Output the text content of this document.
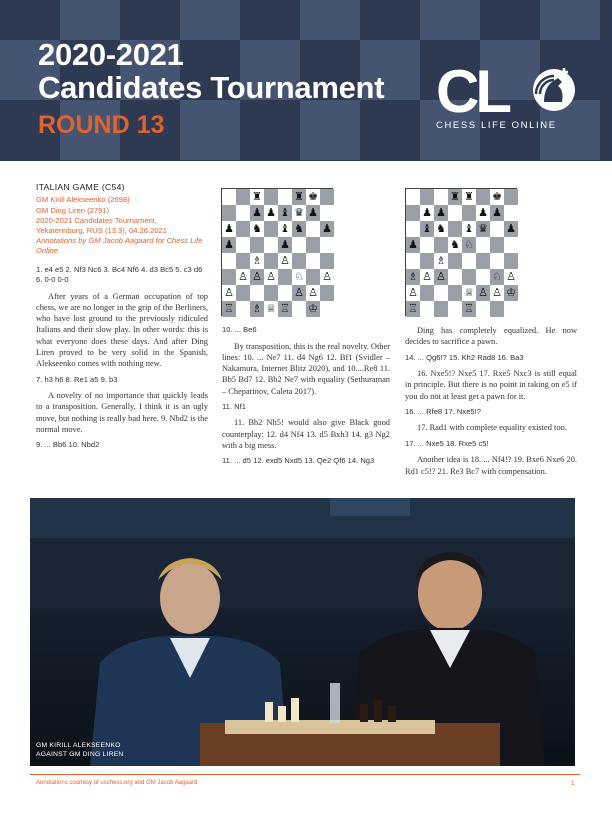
2020-2021
Candidates Tournament
ROUND 13	CL
CHESS LIFE ONLINE

ITALIAN GAME (C54)

GM Kirill Alekseenko (2698)
GM Ding Liren (2791)
2020-2021 Candidates Tournament,
Yekaterinburg, RUS (13.3), 04.26.2021
Annotations by GM Jacob Aagaard for Chess Life Online

1. e4 e5 2. Nf3 Nc6 3. Bc4 Nf6 4. d3 Bc5 5. c3 d6 6. 0-0 0-0

After years of a German occupation of top chess, we are no longer in the grip of the Berliners, who have lost ground to the previously ridiculed Italians and their slow play. In other words: this is what everyone does these days. And after Ding Liren proved to be very solid in the Spanish, Alekseenko comes with nothing new.

7. h3 h6 8. Re1 a5 9. b3

A novelty of no importance that quickly leads to a transposition. Generally, I think it is an ugly move, but nothing is really bad here. 9. Nbd2 is the normal move.

9. ... Bb6 10. Nbd2

♜	♜ ♚
♟ ♟ ♝ ♛ ♟
♟ ♞ ♝ ♞ ♟
♟	♟
♗ ♙
♙ ♙ ♙ ♘ ♙
♙	♙ ♙
♖ ♗ ♕ ♖ ♔
♜ ♜ ♚
♟ ♟	♟ ♟
♝ ♞ ♝ ♛ ♟
♟	♞ ♘
♗
♗ ♙ ♙	♘ ♙
♙	♕ ♙ ♙ ♔
♖	♖

10. ... Be6

By transposition, this is the real novelty. Other lines: 10. ... Ne7 11. d4 Ng6 12. Bf1 (Svidler – Nakamura, Internet Blitz 2020), and 10....Re8 11. Bb5 Bd7 12. Bb2 Ne7 with equality (Sethuraman – Cheparinov, Caleta 2017).

11. Nf1

11. Bb2 Nh5! would also give Black good counterplay: 12. d4 Nf4 13. d5 Bxh3 14. g3 Ng2 with a big mess.

11. ... d5 12. exd5 Nxd5 13. Qe2 Qf6 14. Ng3

Ding has completely equalized. He now decides to sacrifice a pawn.

14. ... Qg6!? 15. Kh2 Rad8 16. Ba3

16. Nxe5!? Nxe5 17. Rxe5 Nxc3 is still equal in principle. But there is no point in taking on e5 if you do not at least get a pawn for it.

16. ... Rfe8 17. Nxe5!?

17. Rad1 with complete equality existed too.

17. ... Nxe5 18. Rxe5 c5!

Another idea is 18. ... Nf4!? 19. Bxe6 Nxe6 20. Rd1 c5!? 21. Re3 Bc7 with compensation.

GM KIRILL ALEKSEENKO
AGAINST GM DING LIREN
Annotations courtesy of uschess.org and GM Jacob Aagaard	1
